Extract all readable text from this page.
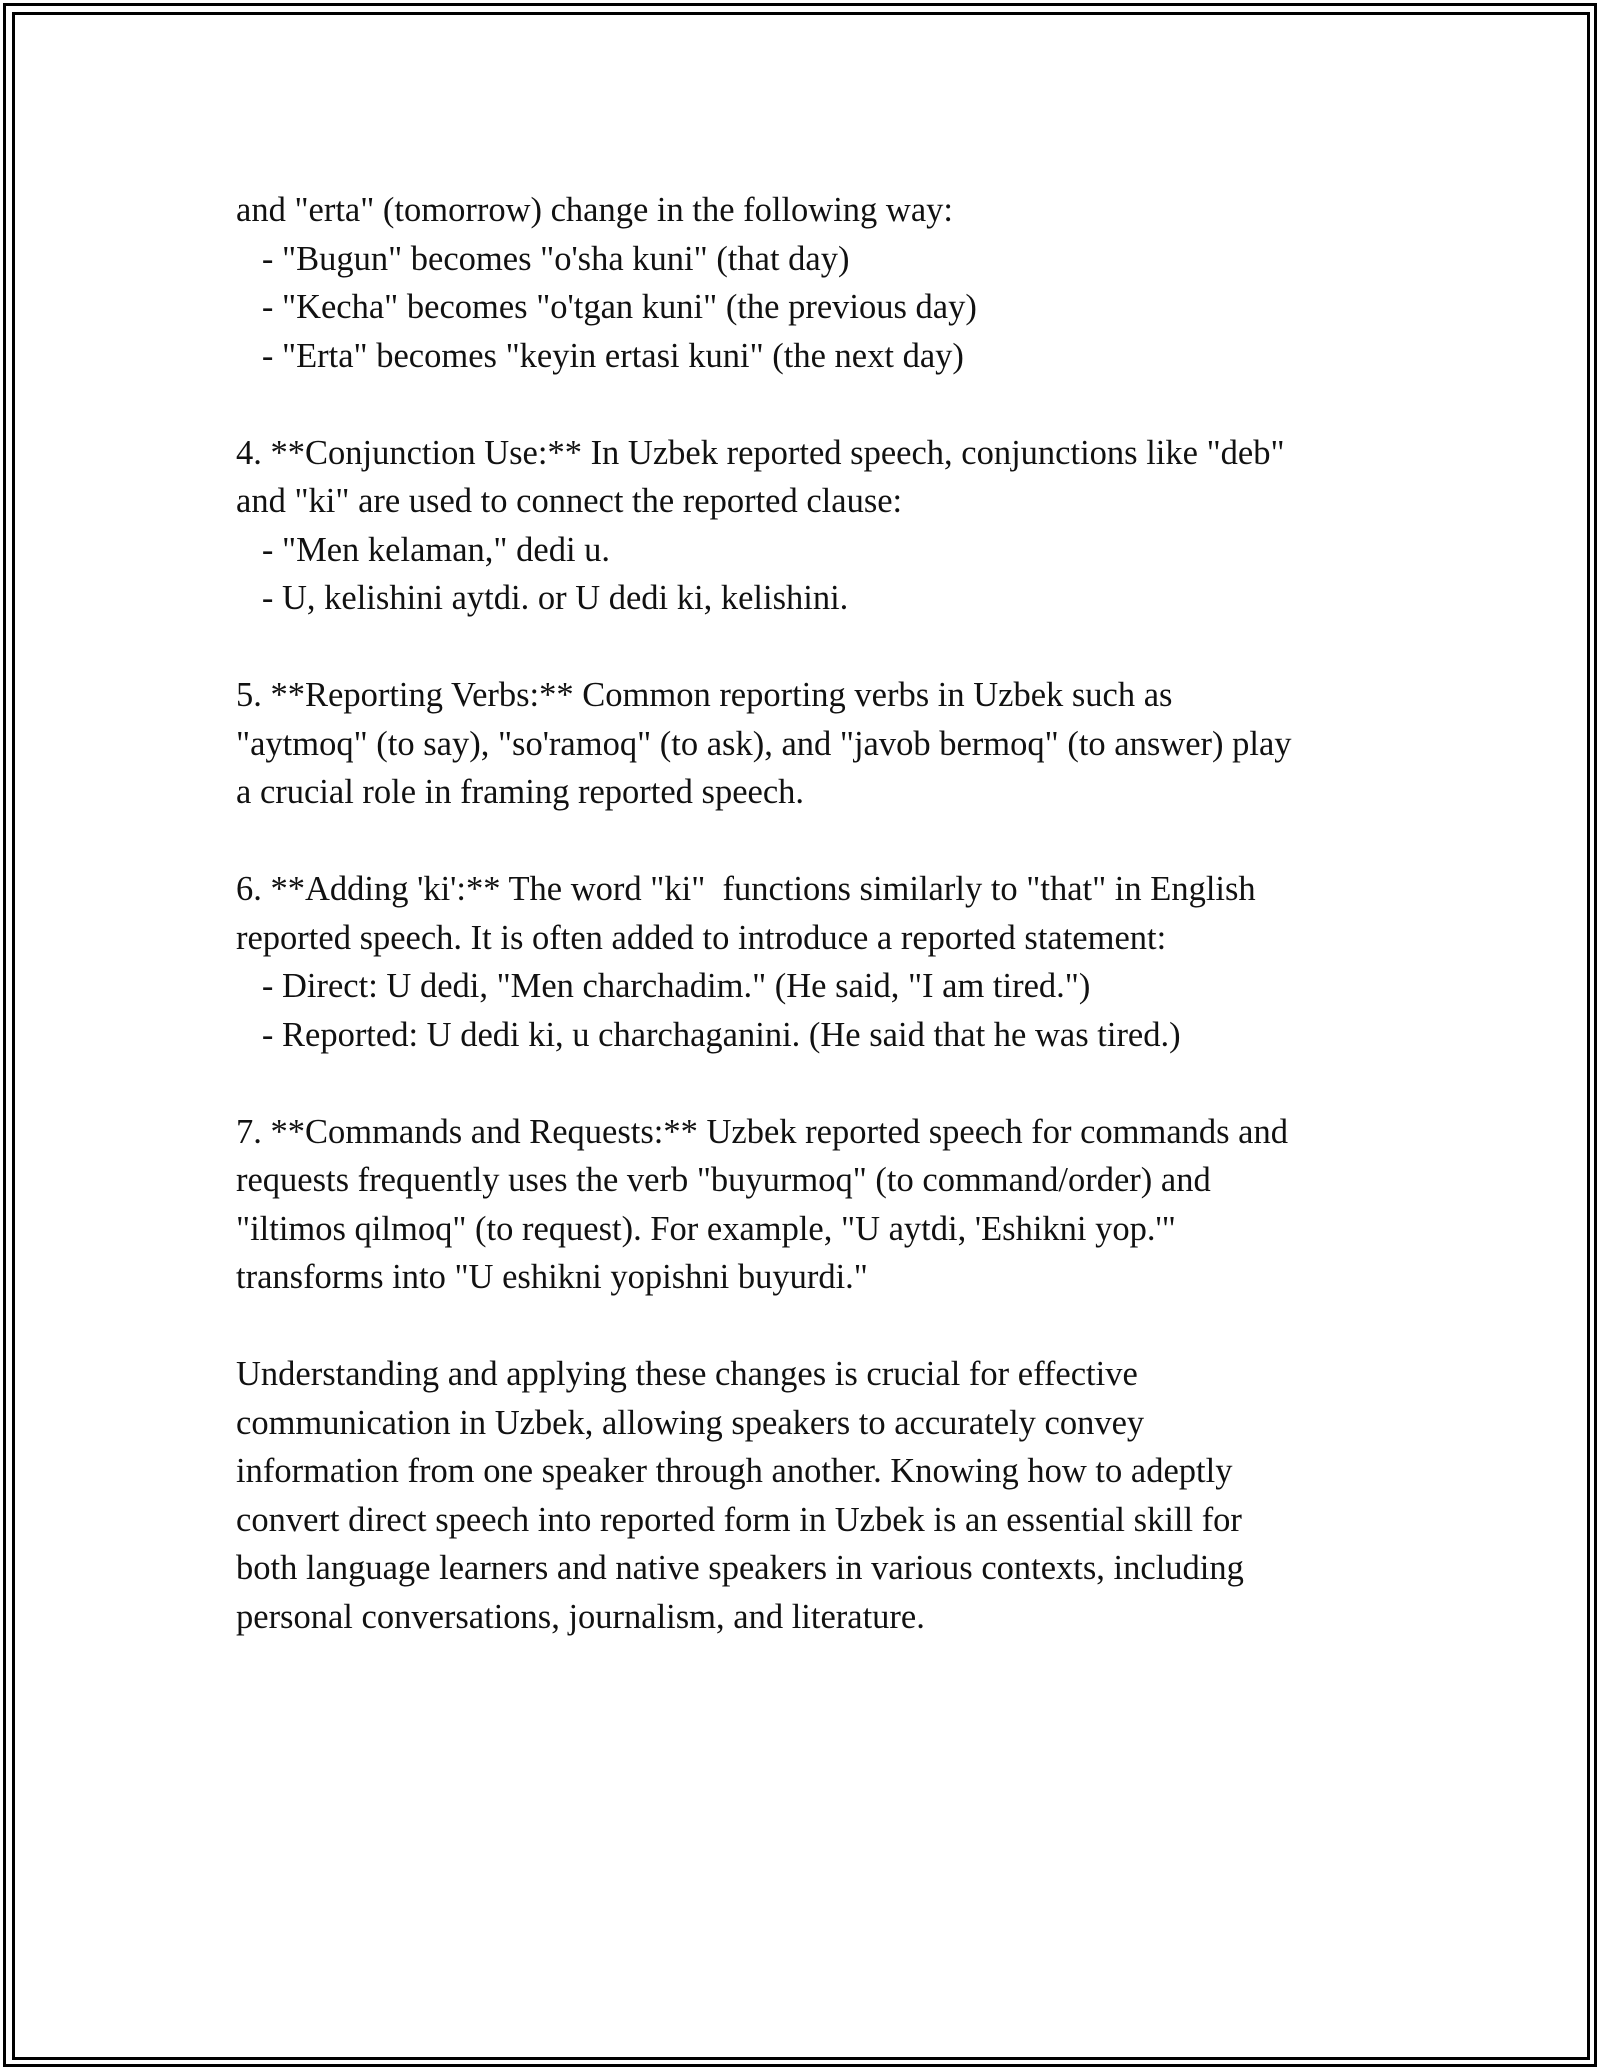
and "erta" (tomorrow) change in the following way:
- "Bugun" becomes "o'sha kuni" (that day)
- "Kecha" becomes "o'tgan kuni" (the previous day)
- "Erta" becomes "keyin ertasi kuni" (the next day)
4. **Conjunction Use:** In Uzbek reported speech, conjunctions like "deb"
and "ki" are used to connect the reported clause:
- "Men kelaman," dedi u.
- U, kelishini aytdi. or U dedi ki, kelishini.
5. **Reporting Verbs:** Common reporting verbs in Uzbek such as
"aytmoq" (to say), "so'ramoq" (to ask), and "javob bermoq" (to answer) play
a crucial role in framing reported speech.
6. **Adding 'ki':** The word "ki"  functions similarly to "that" in English
reported speech. It is often added to introduce a reported statement:
- Direct: U dedi, "Men charchadim." (He said, "I am tired.")
- Reported: U dedi ki, u charchaganini. (He said that he was tired.)
7. **Commands and Requests:** Uzbek reported speech for commands and
requests frequently uses the verb "buyurmoq" (to command/order) and
"iltimos qilmoq" (to request). For example, "U aytdi, 'Eshikni yop.'"
transforms into "U eshikni yopishni buyurdi."
Understanding and applying these changes is crucial for effective
communication in Uzbek, allowing speakers to accurately convey
information from one speaker through another. Knowing how to adeptly
convert direct speech into reported form in Uzbek is an essential skill for
both language learners and native speakers in various contexts, including
personal conversations, journalism, and literature.
